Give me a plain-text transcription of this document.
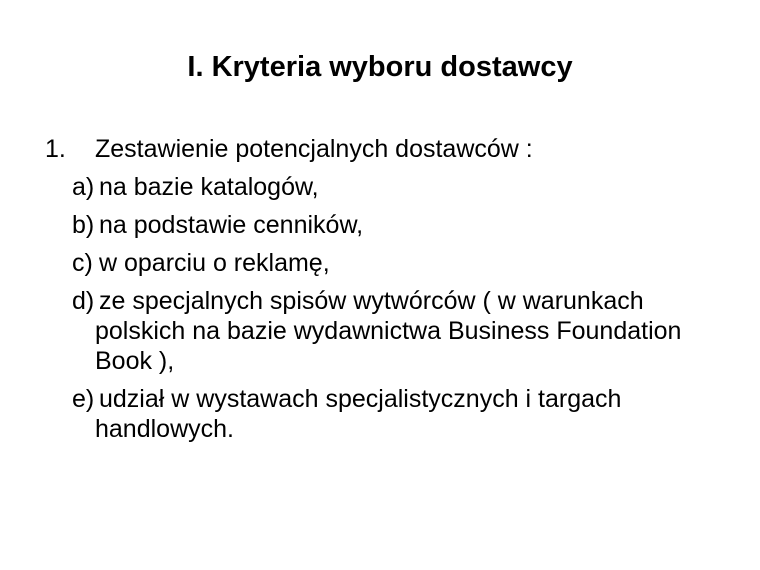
I. Kryteria wyboru dostawcy
1. Zestawienie potencjalnych dostawców :
a) na bazie katalogów,
b) na podstawie cenników,
c) w oparciu o reklamę,
d) ze specjalnych spisów wytwórców ( w warunkach
polskich na bazie wydawnictwa Business Foundation
Book ),
e) udział w wystawach specjalistycznych i targach
handlowych.
